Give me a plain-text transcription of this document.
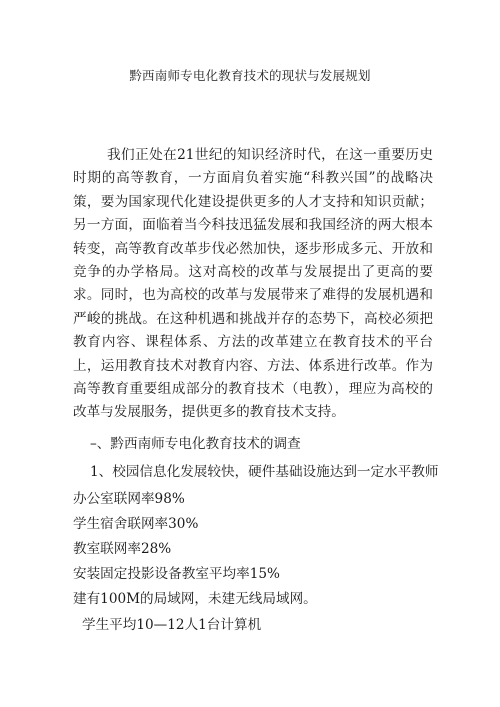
黔西南师专电化教育技术的现状与发展规划

我们正处在21世纪的知识经济时代，在这一重要历史时期的高等教育，一方面肩负着实施“科教兴国”的战略决策，要为国家现代化建设提供更多的人才支持和知识贡献；另一方面，面临着当今科技迅猛发展和我国经济的两大根本转变，高等教育改革步伐必然加快，逐步形成多元、开放和竞争的办学格局。这对高校的改革与发展提出了更高的要求。同时，也为高校的改革与发展带来了难得的发展机遇和严峻的挑战。在这种机遇和挑战并存的态势下，高校必须把教育内容、课程体系、方法的改革建立在教育技术的平台上，运用教育技术对教育内容、方法、体系进行改革。作为高等教育重要组成部分的教育技术（电教），理应为高校的改革与发展服务，提供更多的教育技术支持。

–、黔西南师专电化教育技术的调查

1、校园信息化发展较快，硬件基础设施达到一定水平教师

办公室联网率98%

学生宿舍联网率30%

教室联网率28%

安装固定投影设备教室平均率15%

建有100M的局域网，未建无线局域网。

学生平均10—12人1台计算机
